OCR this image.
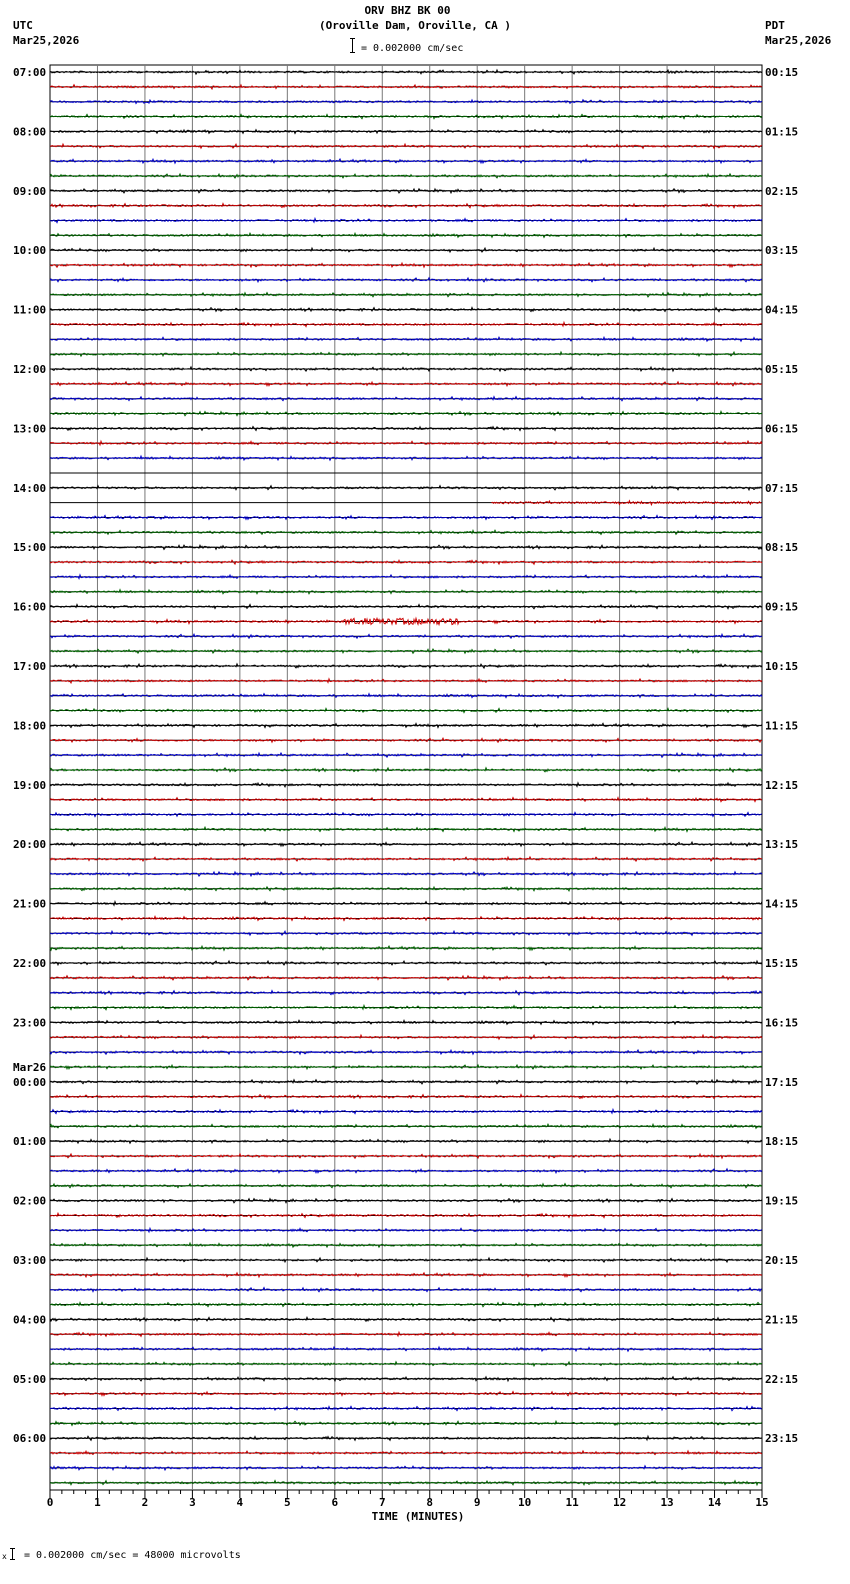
ORV BHZ BK 00
(Oroville Dam, Oroville, CA )
= 0.002000 cm/sec
UTC
Mar25,2026
PDT
Mar25,2026
07:00	00:15
08:00	01:15
09:00	02:15
10:00	03:15
11:00	04:15
12:00	05:15
13:00	06:15
14:00	07:15
15:00	08:15
16:00	09:15
17:00	10:15
18:00	11:15
19:00	12:15
20:00	13:15
21:00	14:15
22:00	15:15
23:00	16:15
00:00	17:15
Mar26
01:00	18:15
02:00	19:15
03:00	20:15
04:00	21:15
05:00	22:15
06:00	23:15
0	1	2	3	4	5	6	7	8	9	10	11	12	13	14	15
TIME (MINUTES)
x = 0.002000 cm/sec = 48000 microvolts
